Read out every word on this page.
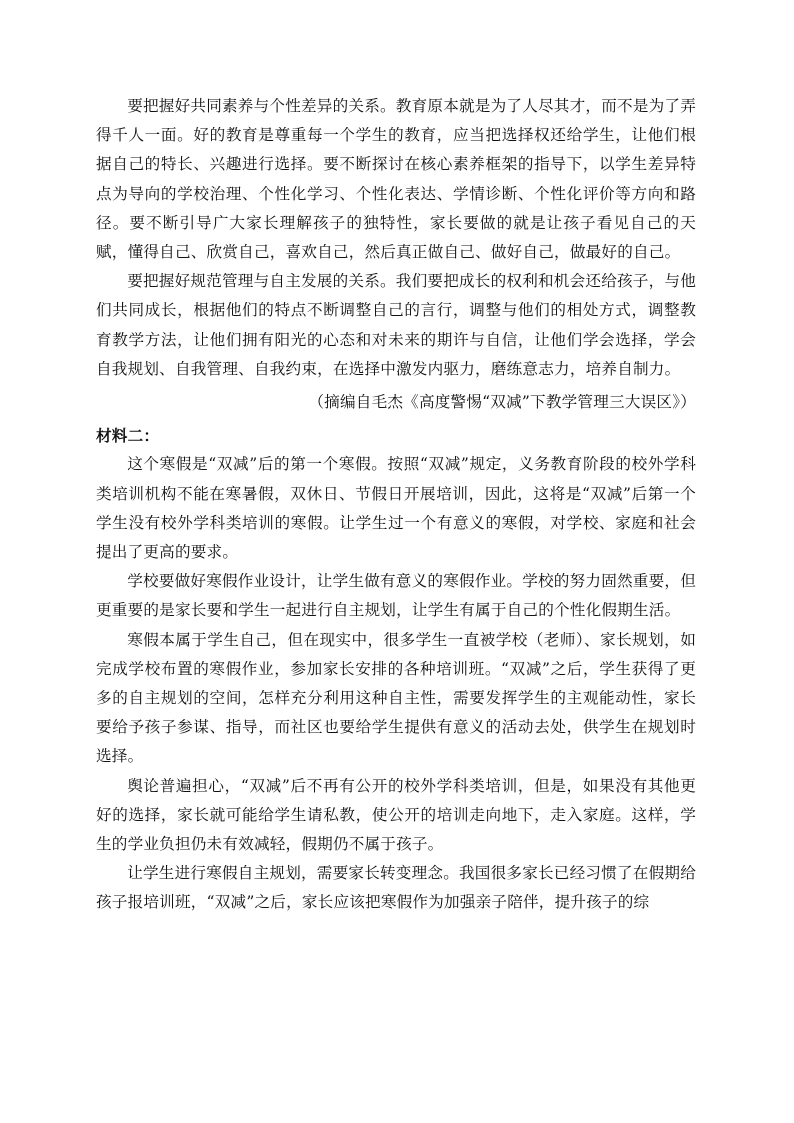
要把握好共同素养与个性差异的关系。教育原本就是为了人尽其才，而不是为了弄得千人一面。好的教育是尊重每一个学生的教育，应当把选择权还给学生，让他们根据自己的特长、兴趣进行选择。要不断探讨在核心素养框架的指导下，以学生差异特点为导向的学校治理、个性化学习、个性化表达、学情诊断、个性化评价等方向和路径。要不断引导广大家长理解孩子的独特性，家长要做的就是让孩子看见自己的天赋，懂得自己、欣赏自己，喜欢自己，然后真正做自己、做好自己，做最好的自己。

要把握好规范管理与自主发展的关系。我们要把成长的权利和机会还给孩子，与他们共同成长，根据他们的特点不断调整自己的言行，调整与他们的相处方式，调整教育教学方法，让他们拥有阳光的心态和对未来的期许与自信，让他们学会选择，学会自我规划、自我管理、自我约束，在选择中激发内驱力，磨练意志力，培养自制力。

（摘编自毛杰《高度警惕“双减”下教学管理三大误区》）

材料二：

这个寒假是“双减”后的第一个寒假。按照“双减”规定，义务教育阶段的校外学科类培训机构不能在寒暑假，双休日、节假日开展培训，因此，这将是“双减”后第一个学生没有校外学科类培训的寒假。让学生过一个有意义的寒假，对学校、家庭和社会提出了更高的要求。

学校要做好寒假作业设计，让学生做有意义的寒假作业。学校的努力固然重要，但更重要的是家长要和学生一起进行自主规划，让学生有属于自己的个性化假期生活。

寒假本属于学生自己，但在现实中，很多学生一直被学校（老师）、家长规划，如完成学校布置的寒假作业，参加家长安排的各种培训班。“双减”之后，学生获得了更多的自主规划的空间，怎样充分利用这种自主性，需要发挥学生的主观能动性，家长要给予孩子参谋、指导，而社区也要给学生提供有意义的活动去处，供学生在规划时选择。

舆论普遍担心，“双减”后不再有公开的校外学科类培训，但是，如果没有其他更好的选择，家长就可能给学生请私教，使公开的培训走向地下，走入家庭。这样，学生的学业负担仍未有效减轻，假期仍不属于孩子。

让学生进行寒假自主规划，需要家长转变理念。我国很多家长已经习惯了在假期给孩子报培训班，“双减”之后，家长应该把寒假作为加强亲子陪伴，提升孩子的综
